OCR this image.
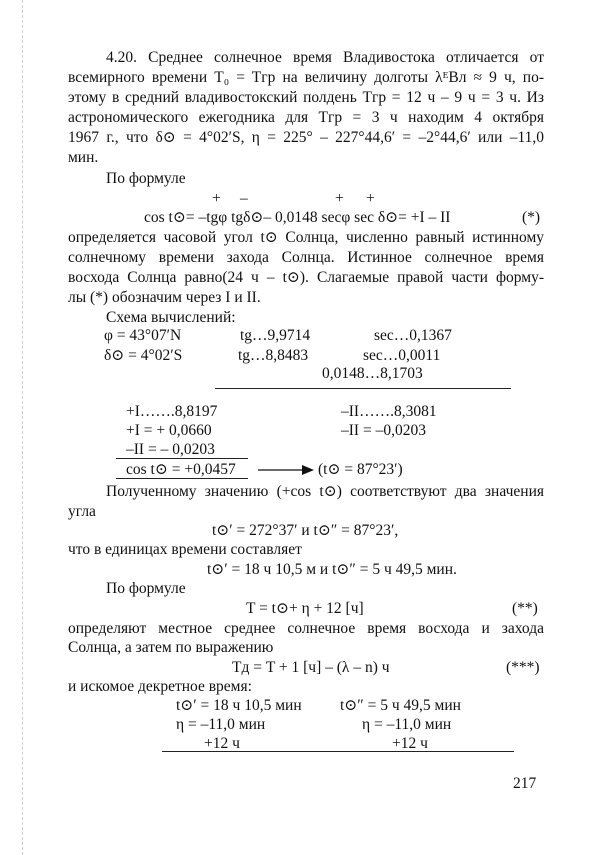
4.20. Среднее солнечное время Владивостока отличается от
всемирного времени T₀ = Tгр на величину долготы λᴱВл ≈ 9 ч, по-
этому в средний владивостокский полдень Tгр = 12 ч – 9 ч = 3 ч. Из
астрономического ежегодника для Tгр = 3 ч находим 4 октября
1967 г., что δ⊙ = 4°02′S, η = 225° – 227°44,6′ = –2°44,6′ или –11,0
мин.
По формуле
+ –	+ +
cos t⊙= –tgφ tgδ⊙– 0,0148 secφ sec δ⊙= +I – II	(*)
определяется часовой угол t⊙ Солнца, численно равный истинному
солнечному времени захода Солнца. Истинное солнечное время
восхода Солнца равно(24 ч – t⊙). Слагаемые правой части форму-
лы (*) обозначим через I и II.
Схема вычислений:
φ = 43°07′N	tg…9,9714	sec…0,1367
δ⊙ = 4°02′S	tg…8,8483	sec…0,0011
0,0148…8,1703
+I…….8,8197	–II…….8,3081
+I = + 0,0660	–II = –0,0203
–II = – 0,0203
cos t⊙ = +0,0457	(t⊙ = 87°23′)
Полученному значению (+cos t⊙) соответствуют два значения
угла
t⊙′ = 272°37′ и t⊙″ = 87°23′,
что в единицах времени составляет
t⊙′ = 18 ч 10,5 м и t⊙″ = 5 ч 49,5 мин.
По формуле
T = t⊙+ η + 12 [ч]	(**)
определяют местное среднее солнечное время восхода и захода
Солнца, а затем по выражению
Tд = T + 1 [ч] – (λ – n) ч	(***)
и искомое декретное время:
t⊙′ = 18 ч 10,5 мин t⊙″ = 5 ч 49,5 мин
η = –11,0 мин	η = –11,0 мин
+12 ч	+12 ч
217
